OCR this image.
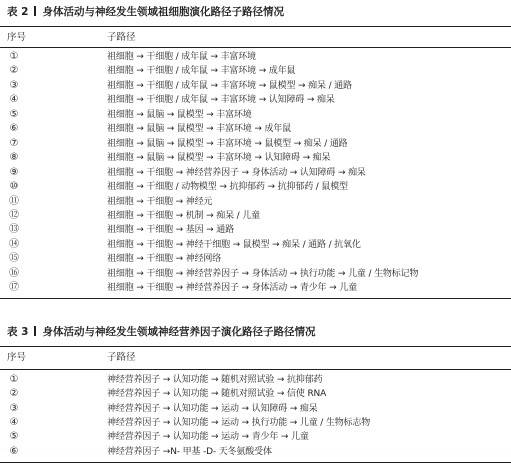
表 2 身体活动与神经发生领域祖细胞演化路径子路径情况
序号	子路径
①	祖细胞 → 干细胞 / 成年鼠 → 丰富环境
②	祖细胞 → 干细胞 / 成年鼠 → 丰富环境 → 成年鼠
③	祖细胞 → 干细胞 / 成年鼠 → 丰富环境 → 鼠模型 → 痴呆 / 通路
④	祖细胞 → 干细胞 / 成年鼠 → 丰富环境 → 认知障碍 → 痴呆
⑤	祖细胞 → 鼠脑 → 鼠模型 → 丰富环境
⑥	祖细胞 → 鼠脑 → 鼠模型 → 丰富环境 → 成年鼠
⑦	祖细胞 → 鼠脑 → 鼠模型 → 丰富环境 → 鼠模型 → 痴呆 / 通路
⑧	祖细胞 → 鼠脑 → 鼠模型 → 丰富环境 → 认知障碍 → 痴呆
⑨	祖细胞 → 干细胞 → 神经营养因子 → 身体活动 → 认知障碍 → 痴呆
⑩	祖细胞 → 干细胞 / 动物模型 → 抗抑郁药 → 抗抑郁药 / 鼠模型
⑪	祖细胞 → 干细胞 → 神经元
⑫	祖细胞 → 干细胞 → 机制 → 痴呆 / 儿童
⑬	祖细胞 → 干细胞 → 基因 → 通路
⑭	祖细胞 → 干细胞 → 神经干细胞 → 鼠模型 → 痴呆 / 通路 / 抗氧化
⑮	祖细胞 → 干细胞 → 神经网络
⑯	祖细胞 → 干细胞 → 神经营养因子 → 身体活动 → 执行功能 → 儿童 / 生物标记物
⑰	祖细胞 → 干细胞 → 神经营养因子 → 身体活动 → 青少年 → 儿童
表 3 身体活动与神经发生领域神经营养因子演化路径子路径情况
序号	子路径
①	神经营养因子 → 认知功能 → 随机对照试验 → 抗抑郁药
②	神经营养因子 → 认知功能 → 随机对照试验 → 信使 RNA
③	神经营养因子 → 认知功能 → 运动 → 认知障碍 → 痴呆
④	神经营养因子 → 认知功能 → 运动 → 执行功能 → 儿童 / 生物标志物
⑤	神经营养因子 → 认知功能 → 运动 → 青少年 → 儿童
⑥	神经营养因子 →N- 甲基 -D- 天冬氨酸受体
